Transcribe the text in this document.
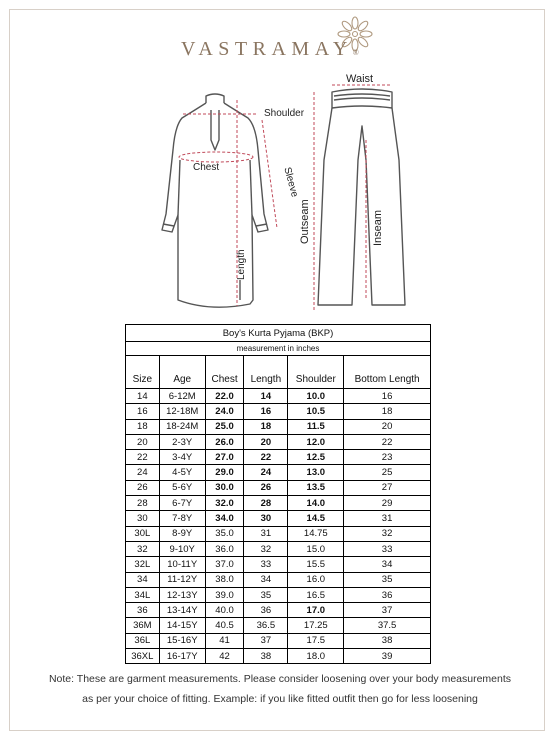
VASTRAMAY®
Waist
Shoulder
Chest	Sleeve
Length
Outseam	Inseam
Boy's Kurta Pyjama (BKP)					
measurement in inches					
Size	Age	Chest	Length	Shoulder	Bottom Length
14	6-12M	22.0	14	10.0	16
16	12-18M	24.0	16	10.5	18
18	18-24M	25.0	18	11.5	20
20	2-3Y	26.0	20	12.0	22
22	3-4Y	27.0	22	12.5	23
24	4-5Y	29.0	24	13.0	25
26	5-6Y	30.0	26	13.5	27
28	6-7Y	32.0	28	14.0	29
30	7-8Y	34.0	30	14.5	31
30L	8-9Y	35.0	31	14.75	32
32	9-10Y	36.0	32	15.0	33
32L	10-11Y	37.0	33	15.5	34
34	11-12Y	38.0	34	16.0	35
34L	12-13Y	39.0	35	16.5	36
36	13-14Y	40.0	36	17.0	37
36M	14-15Y	40.5	36.5	17.25	37.5
36L	15-16Y	41	37	17.5	38
36XL	16-17Y	42	38	18.0	39
Note: These are garment measurements. Please consider loosening over your body measurements
as per your choice of fitting. Example: if you like fitted outfit then go for less loosening
